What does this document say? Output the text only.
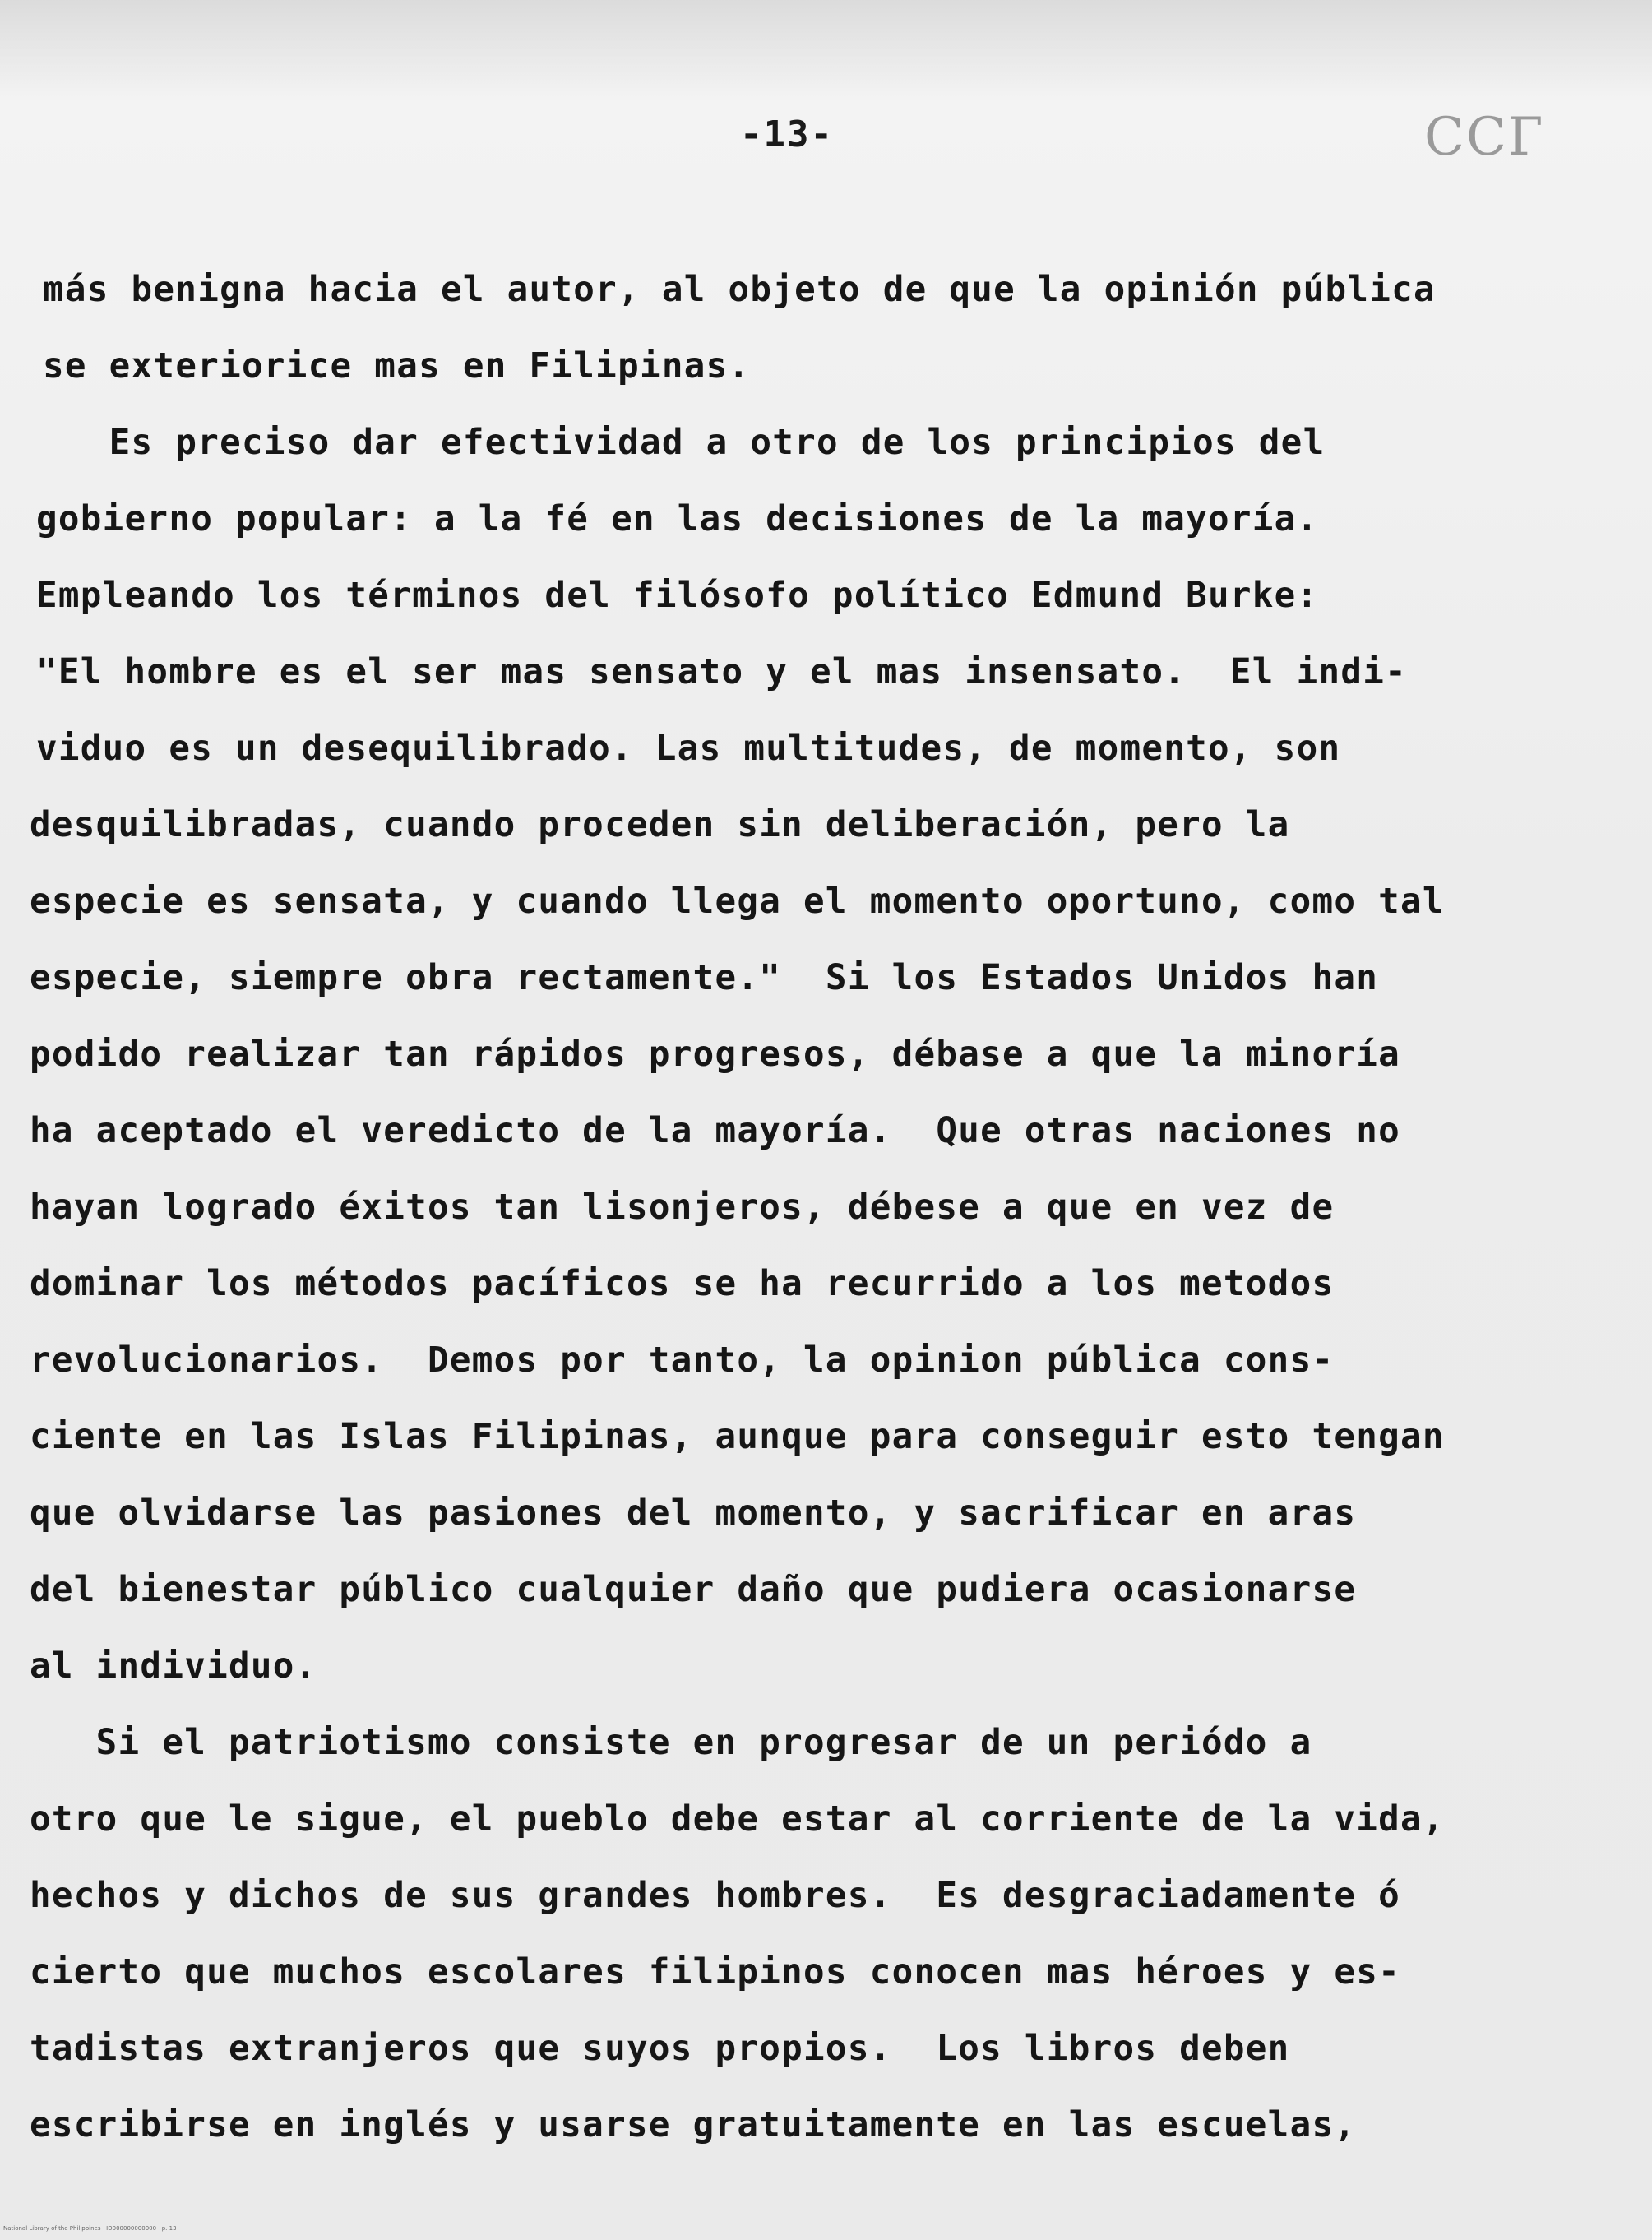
-13-	ССГ
más benigna hacia el autor, al objeto de que la opinión pública
se exteriorice mas en Filipinas.
Es preciso dar efectividad a otro de los principios del
gobierno popular: a la fé en las decisiones de la mayoría.
Empleando los términos del filósofo político Edmund Burke:
"El hombre es el ser mas sensato y el mas insensato.  El indi-
viduo es un desequilibrado. Las multitudes, de momento, son
desquilibradas, cuando proceden sin deliberación, pero la
especie es sensata, y cuando llega el momento oportuno, como tal
especie, siempre obra rectamente."  Si los Estados Unidos han
podido realizar tan rápidos progresos, débase a que la minoría
ha aceptado el veredicto de la mayoría.  Que otras naciones no
hayan logrado éxitos tan lisonjeros, débese a que en vez de
dominar los métodos pacíficos se ha recurrido a los metodos
revolucionarios.  Demos por tanto, la opinion pública cons-
ciente en las Islas Filipinas, aunque para conseguir esto tengan
que olvidarse las pasiones del momento, y sacrificar en aras
del bienestar público cualquier daño que pudiera ocasionarse
al individuo.
Si el patriotismo consiste en progresar de un periódo a
otro que le sigue, el pueblo debe estar al corriente de la vida,
hechos y dichos de sus grandes hombres.  Es desgraciadamente ó
cierto que muchos escolares filipinos conocen mas héroes y es-
tadistas extranjeros que suyos propios.  Los libros deben
escribirse en inglés y usarse gratuitamente en las escuelas,
National Library of the Philippines · ID000000000000 · p. 13
